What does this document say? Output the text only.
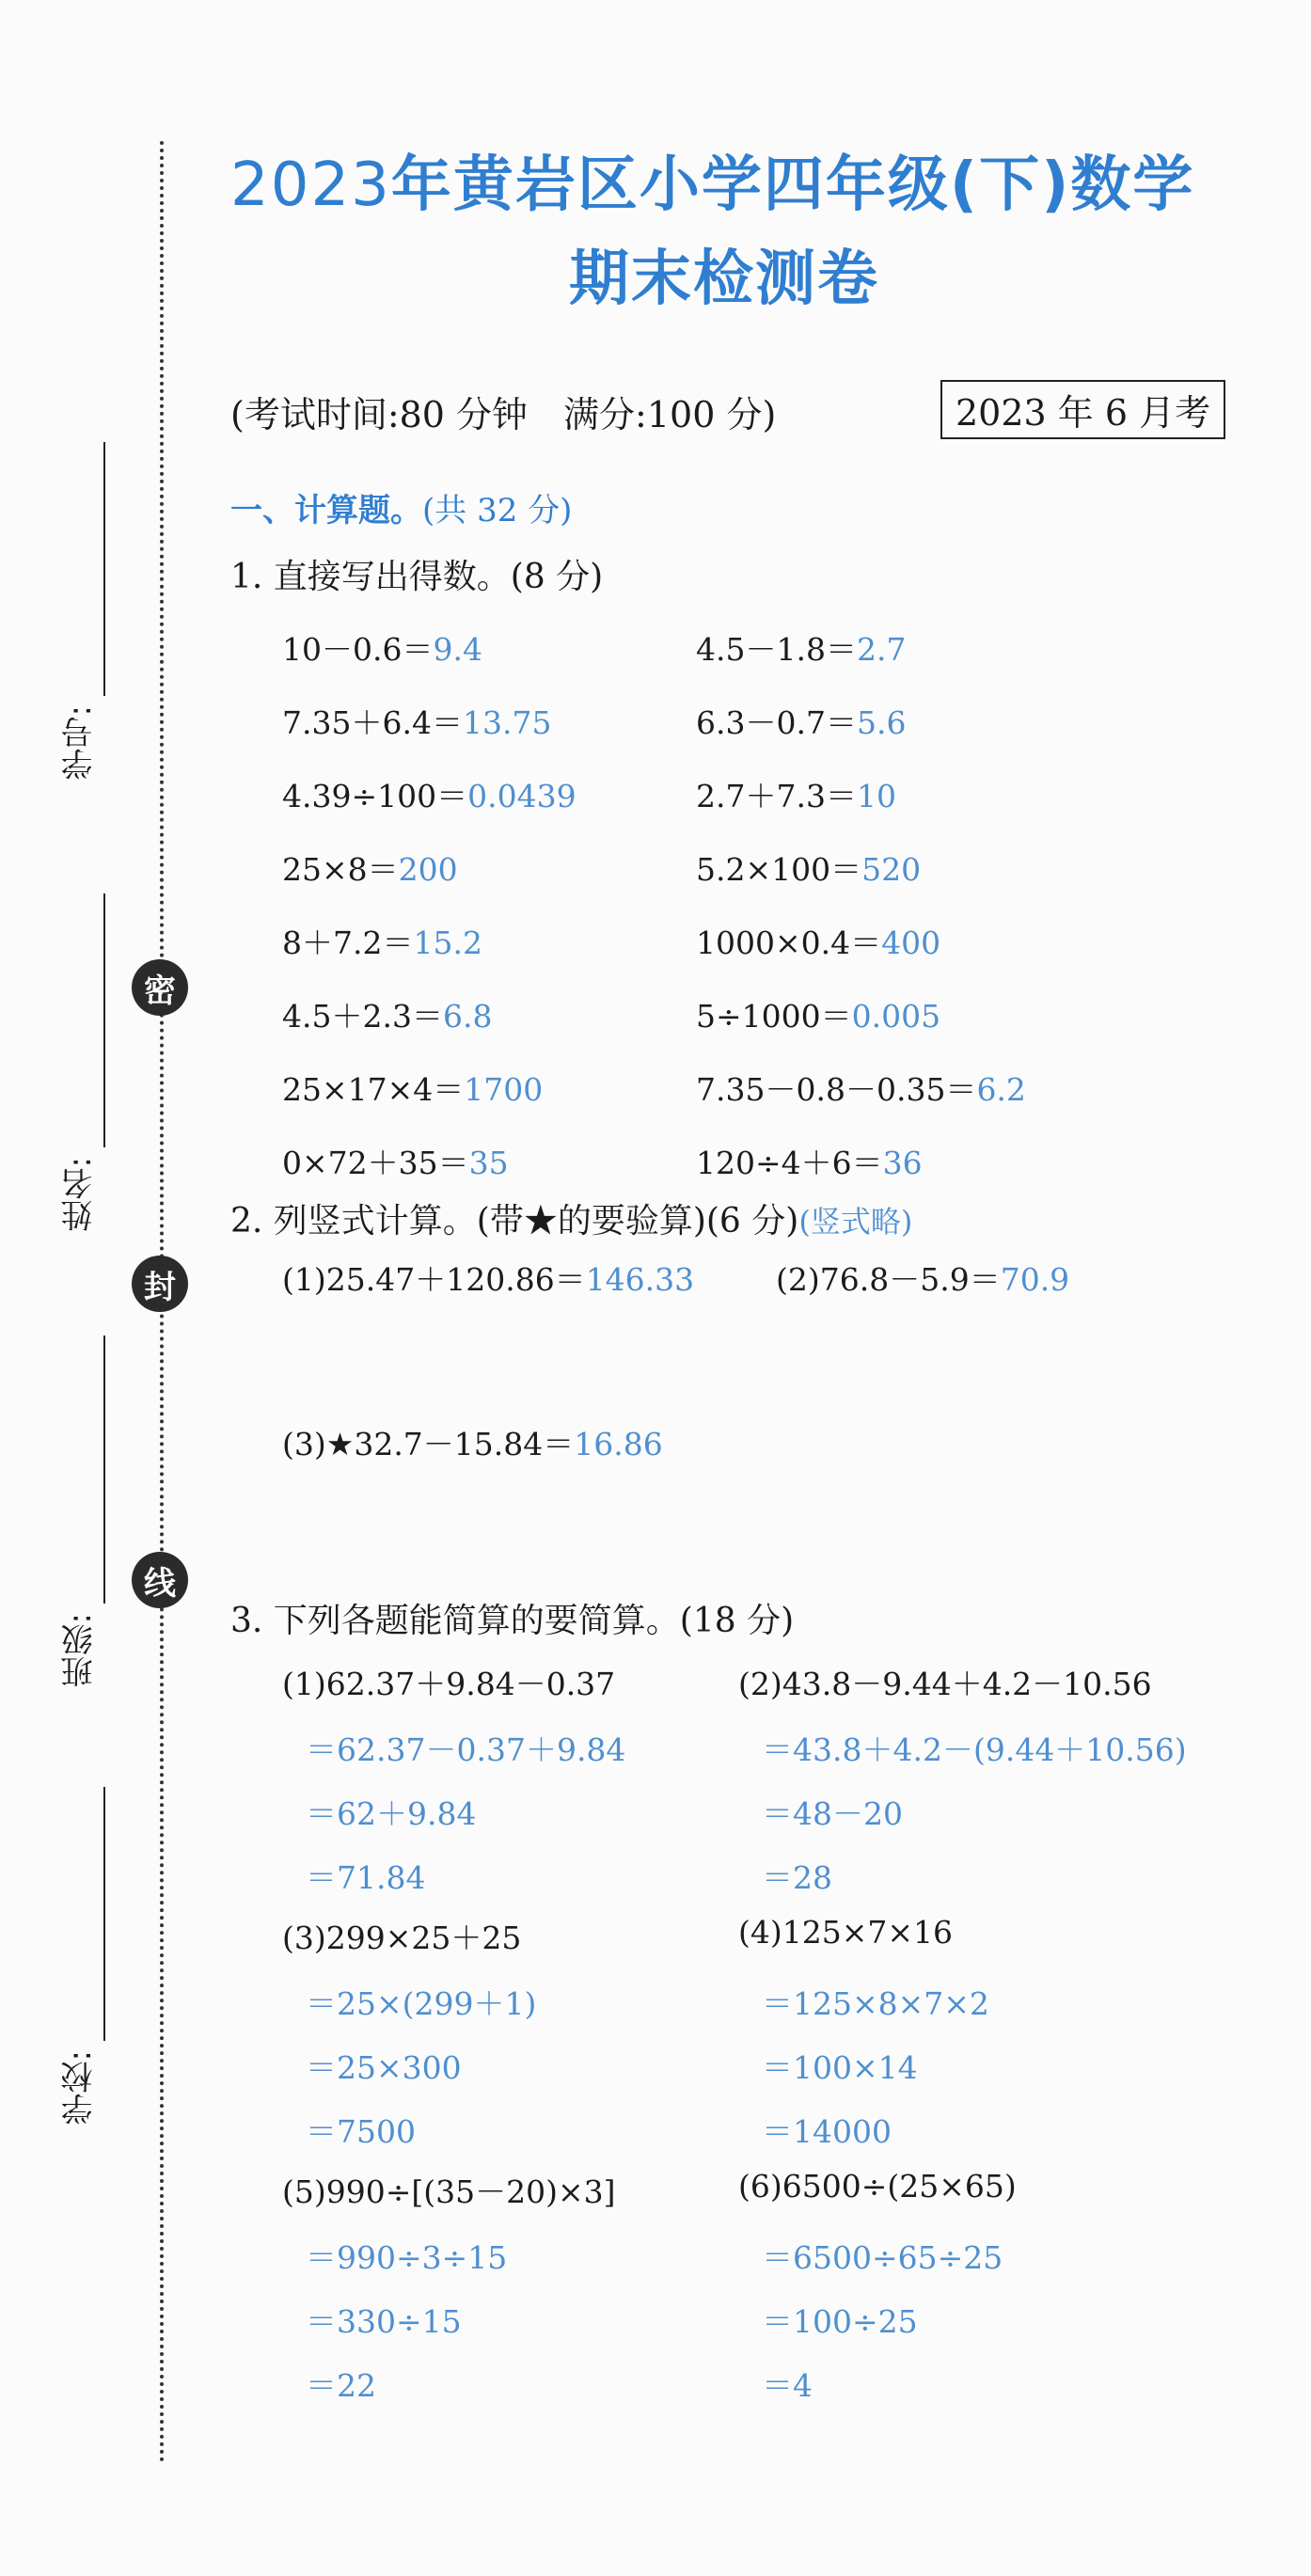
密
封
线
学号:
姓名:
班级:
学校:
2023年黄岩区小学四年级(下)数学
期末检测卷
(考试时间:80 分钟　满分:100 分)	2023 年 6 月考
一、计算题。(共 32 分)
1. 直接写出得数。(8 分)
10－0.6＝9.4
7.35＋6.4＝13.75
4.39÷100＝0.0439
25×8＝200
8＋7.2＝15.2
4.5＋2.3＝6.8
25×17×4＝1700
0×72＋35＝35
4.5－1.8＝2.7
6.3－0.7＝5.6
2.7＋7.3＝10
5.2×100＝520
1000×0.4＝400
5÷1000＝0.005
7.35－0.8－0.35＝6.2
120÷4＋6＝36
2. 列竖式计算。(带★的要验算)(6 分)(竖式略)
(1)25.47＋120.86＝146.33	(2)76.8－5.9＝70.9
(3)★32.7－15.84＝16.86
3. 下列各题能简算的要简算。(18 分)
(1)62.37＋9.84－0.37
＝62.37－0.37＋9.84
＝62＋9.84
＝71.84
(2)43.8－9.44＋4.2－10.56
＝43.8＋4.2－(9.44＋10.56)
＝48－20
＝28
(3)299×25＋25
＝25×(299＋1)
＝25×300
＝7500
(4)125×7×16
＝125×8×7×2
＝100×14
＝14000
(5)990÷[(35－20)×3]
＝990÷3÷15
＝330÷15
＝22
(6)6500÷(25×65)
＝6500÷65÷25
＝100÷25
＝4
